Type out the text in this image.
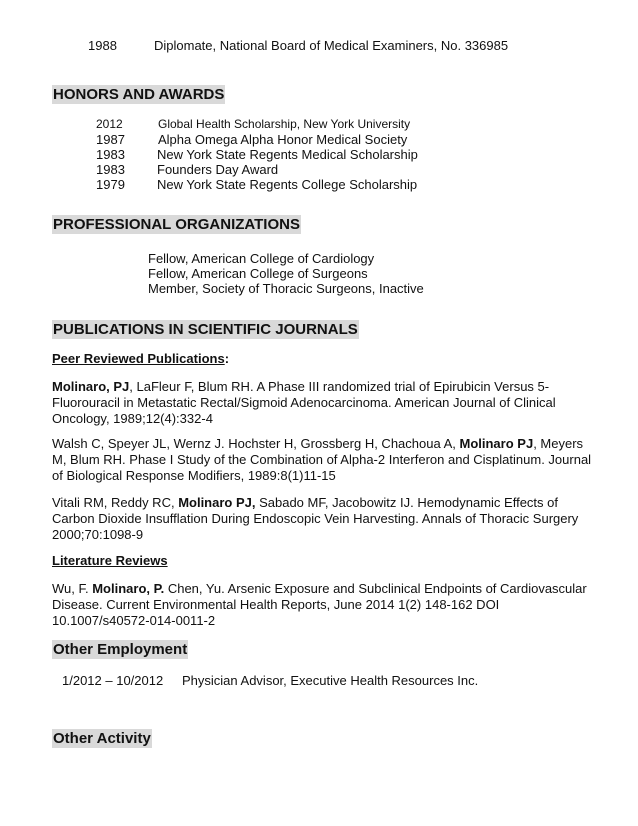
1988	Diplomate, National Board of Medical Examiners, No. 336985
HONORS AND AWARDS
2012	Global Health Scholarship, New York University
1987	Alpha Omega Alpha Honor Medical Society
1983 New York State Regents Medical Scholarship
1983 Founders Day Award
1979 New York State Regents College Scholarship
PROFESSIONAL ORGANIZATIONS
Fellow, American College of Cardiology
Fellow, American College of Surgeons
Member, Society of Thoracic Surgeons, Inactive
PUBLICATIONS IN SCIENTIFIC JOURNALS
Peer Reviewed Publications:
Molinaro, PJ, LaFleur F, Blum RH. A Phase III randomized trial of Epirubicin Versus 5-Fluorouracil in Metastatic Rectal/Sigmoid Adenocarcinoma. American Journal of Clinical Oncology, 1989;12(4):332-4
Walsh C, Speyer JL, Wernz J. Hochster H, Grossberg H, Chachoua A, Molinaro PJ, Meyers M, Blum RH. Phase I Study of the Combination of Alpha-2 Interferon and Cisplatinum. Journal of Biological Response Modifiers, 1989:8(1)11-15
Vitali RM, Reddy RC, Molinaro PJ, Sabado MF, Jacobowitz IJ. Hemodynamic Effects of Carbon Dioxide Insufflation During Endoscopic Vein Harvesting. Annals of Thoracic Surgery 2000;70:1098-9
Literature Reviews
Wu, F. Molinaro, P. Chen, Yu. Arsenic Exposure and Subclinical Endpoints of Cardiovascular Disease. Current Environmental Health Reports, June 2014 1(2) 148-162 DOI 10.1007/s40572-014-0011-2
Other Employment
1/2012 – 10/2012 Physician Advisor, Executive Health Resources Inc.
Other Activity
